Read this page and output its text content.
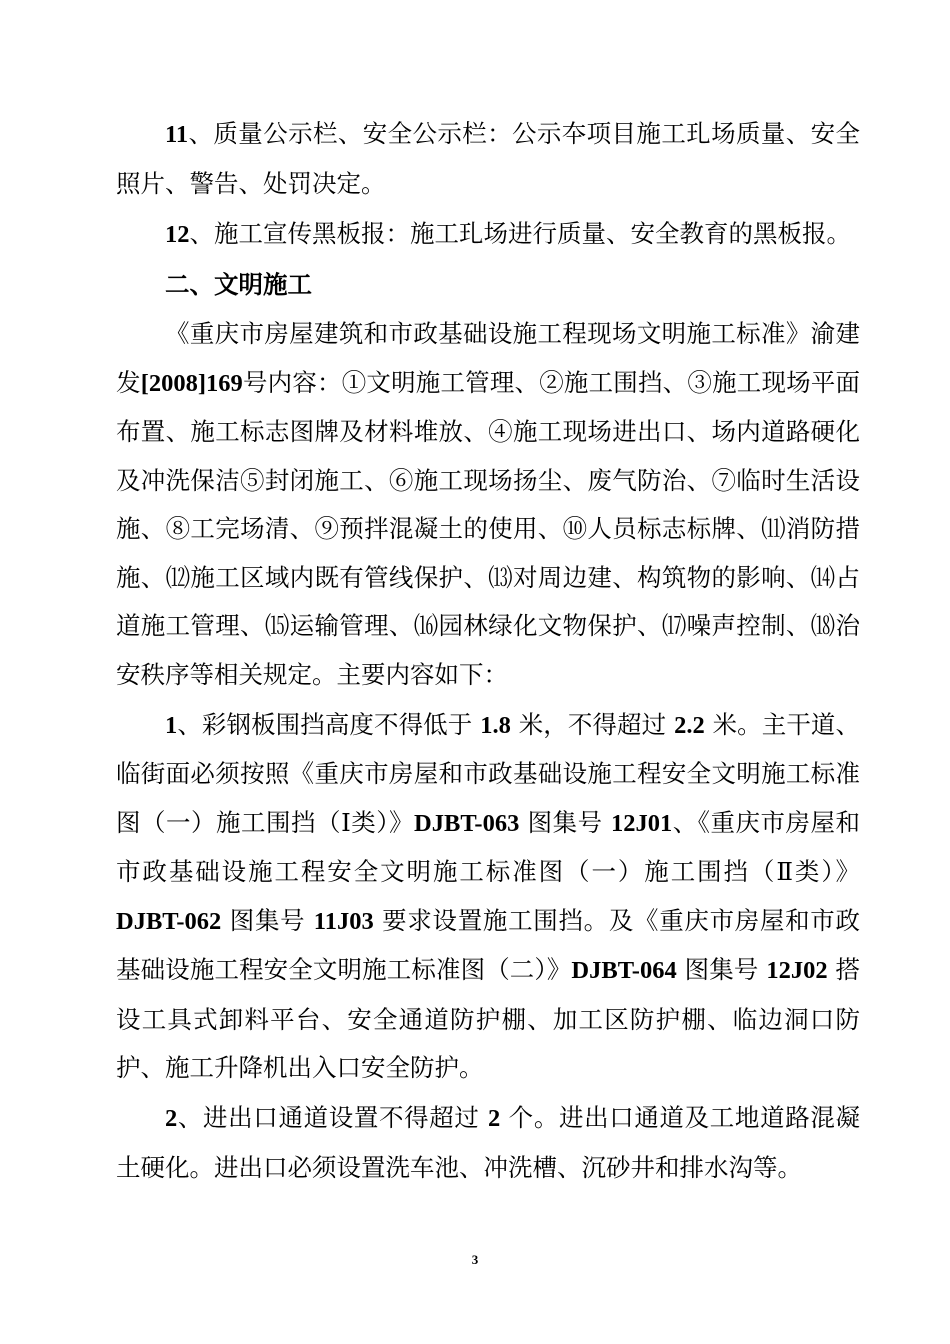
11、质量公示栏、安全公示栏：公示夲项目施工玌场质量、安全照片、警告、处罚决定。

12、施工宣传黑板报：施工玌场进行质量、安全教育的黑板报。

二、文明施工

《重庆市房屋建筑和市政基础设施工程现场文明施工标准》渝建发[2008]169号内容：①文明施工管理、②施工围挡、③施工现场平面布置、施工标志图牌及材料堆放、④施工现场进出口、场内道路硬化及冲洗保洁⑤封闭施工、⑥施工现场扬尘、废气防治、⑦临时生活设施、⑧工完场清、⑨预拌混凝土的使用、⑩人员标志标牌、⑾消防措施、⑿施工区域内既有管线保护、⒀对周边建、构筑物的影响、⒁占道施工管理、⒂运输管理、⒃园林绿化文物保护、⒄噪声控制、⒅治安秩序等相关规定。主要内容如下：

1、彩钢板围挡高度不得低于 1.8 米，不得超过 2.2 米。主干道、临街面必须按照《重庆市房屋和市政基础设施工程安全文明施工标准图（一）施工围挡（Ⅰ类）》DJBT-063 图集号 12J01、《重庆市房屋和市政基础设施工程安全文明施工标准图（一）施工围挡（Ⅱ类）》DJBT-062 图集号 11J03 要求设置施工围挡。及《重庆市房屋和市政基础设施工程安全文明施工标准图（二）》DJBT-064 图集号 12J02 搭设工具式卸料平台、安全通道防护棚、加工区防护棚、临边洞口防护、施工升降机出入口安全防护。

2、进出口通道设置不得超过 2 个。进出口通道及工地道路混凝土硬化。进出口必须设置洗车池、冲洗槽、沉砂井和排水沟等。

3
